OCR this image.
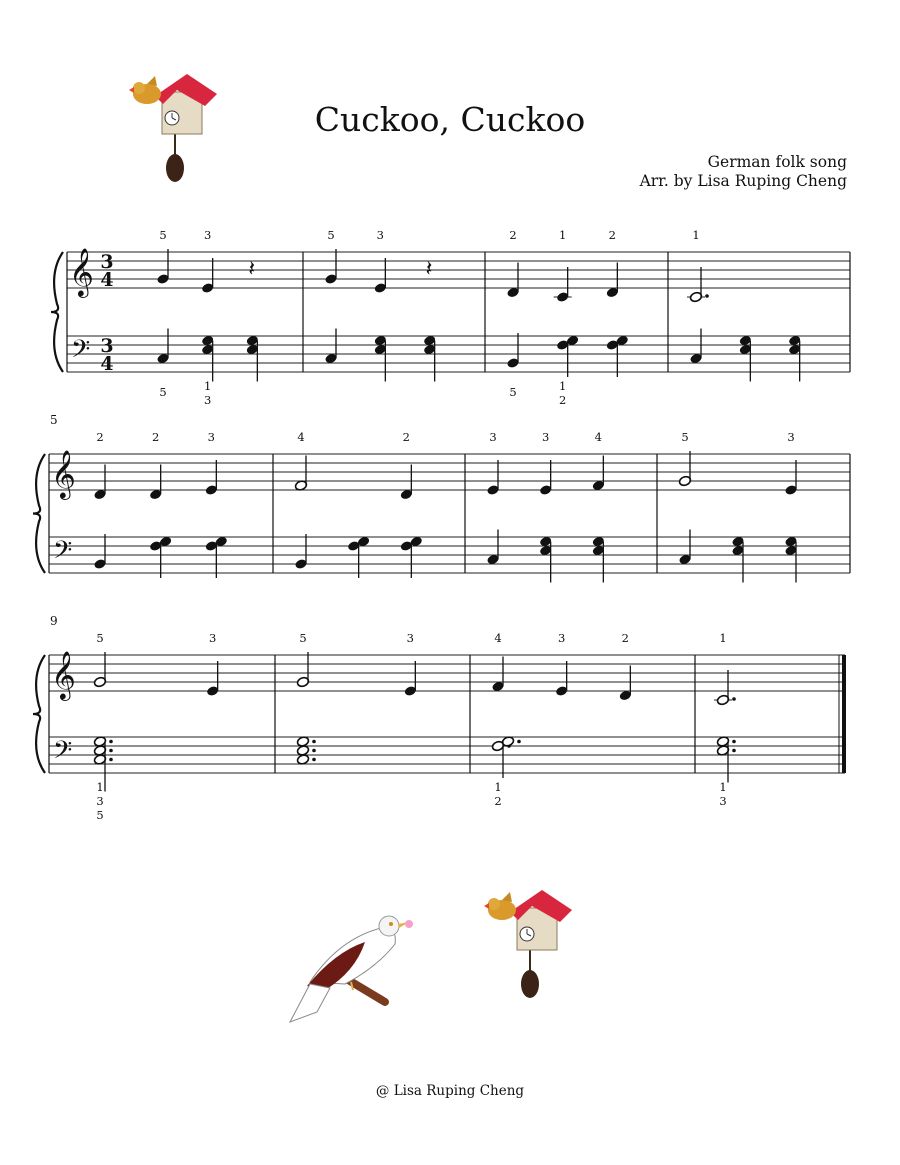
Cuckoo, Cuckoo
German folk song
Arr. by Lisa Ruping Cheng
𝄞
𝄢
3
4
3
4
5	3
𝄽
5	1
3
5	3
𝄽
2	1	2
5	1
2
1
𝄞
𝄢
5
2	2	3	4	2	3	3	4	5	3
𝄞
𝄢
9
5	3
1
3
5
5	3	4	3	2
1
2
1
1
3
@ Lisa Ruping Cheng
